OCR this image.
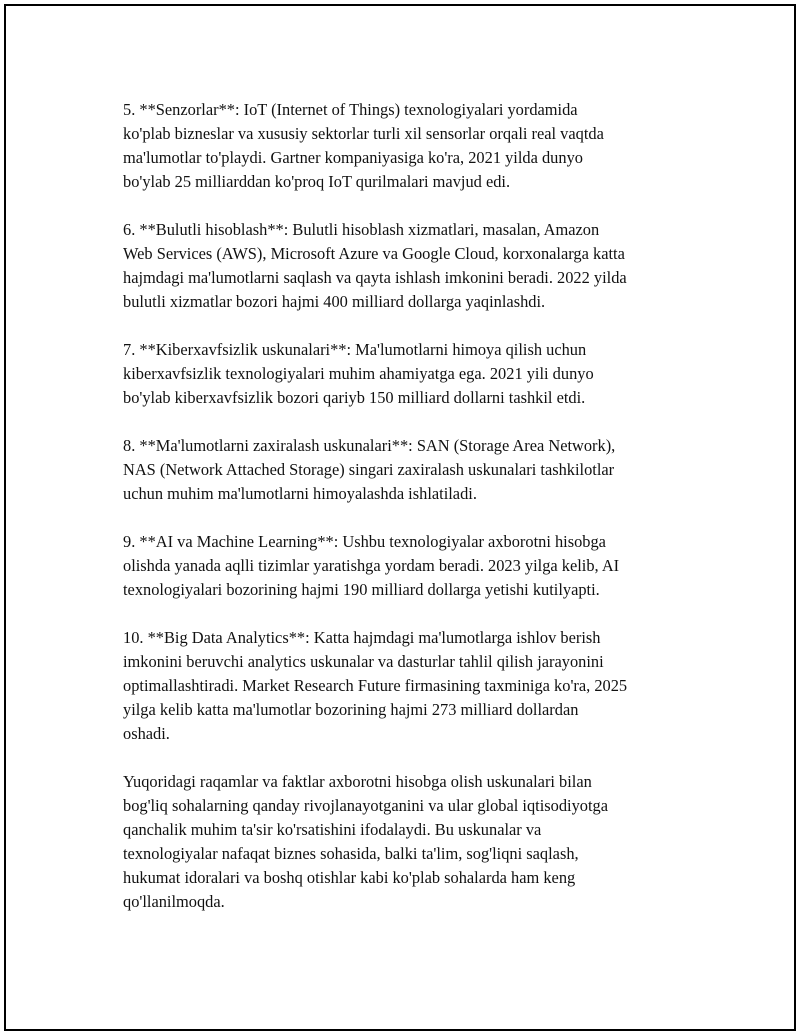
5. **Senzorlar**: IoT (Internet of Things) texnologiyalari yordamida
ko'plab bizneslar va xususiy sektorlar turli xil sensorlar orqali real vaqtda
ma'lumotlar to'playdi. Gartner kompaniyasiga ko'ra, 2021 yilda dunyo
bo'ylab 25 milliarddan ko'proq IoT qurilmalari mavjud edi.

6. **Bulutli hisoblash**: Bulutli hisoblash xizmatlari, masalan, Amazon
Web Services (AWS), Microsoft Azure va Google Cloud, korxonalarga katta
hajmdagi ma'lumotlarni saqlash va qayta ishlash imkonini beradi. 2022 yilda
bulutli xizmatlar bozori hajmi 400 milliard dollarga yaqinlashdi.

7. **Kiberxavfsizlik uskunalari**: Ma'lumotlarni himoya qilish uchun
kiberxavfsizlik texnologiyalari muhim ahamiyatga ega. 2021 yili dunyo
bo'ylab kiberxavfsizlik bozori qariyb 150 milliard dollarni tashkil etdi.

8. **Ma'lumotlarni zaxiralash uskunalari**: SAN (Storage Area Network),
NAS (Network Attached Storage) singari zaxiralash uskunalari tashkilotlar
uchun muhim ma'lumotlarni himoyalashda ishlatiladi.

9. **AI va Machine Learning**: Ushbu texnologiyalar axborotni hisobga
olishda yanada aqlli tizimlar yaratishga yordam beradi. 2023 yilga kelib, AI
texnologiyalari bozorining hajmi 190 milliard dollarga yetishi kutilyapti.

10. **Big Data Analytics**: Katta hajmdagi ma'lumotlarga ishlov berish
imkonini beruvchi analytics uskunalar va dasturlar tahlil qilish jarayonini
optimallashtiradi. Market Research Future firmasining taxminiga ko'ra, 2025
yilga kelib katta ma'lumotlar bozorining hajmi 273 milliard dollardan
oshadi.

Yuqoridagi raqamlar va faktlar axborotni hisobga olish uskunalari bilan
bog'liq sohalarning qanday rivojlanayotganini va ular global iqtisodiyotga
qanchalik muhim ta'sir ko'rsatishini ifodalaydi. Bu uskunalar va
texnologiyalar nafaqat biznes sohasida, balki ta'lim, sog'liqni saqlash,
hukumat idoralari va boshq otishlar kabi ko'plab sohalarda ham keng
qo'llanilmoqda.
